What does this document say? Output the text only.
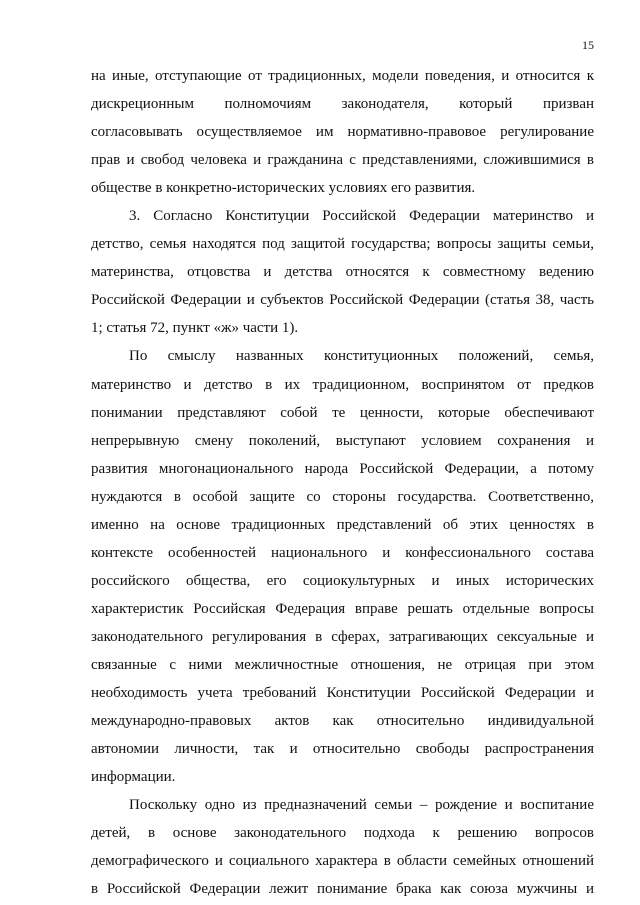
15
на иные, отступающие от традиционных, модели поведения, и относится к
дискреционным полномочиям законодателя, который призван
согласовывать осуществляемое им нормативно-правовое регулирование
прав и свобод человека и гражданина с представлениями, сложившимися в
обществе в конкретно-исторических условиях его развития.
3. Согласно Конституции Российской Федерации материнство и
детство, семья находятся под защитой государства; вопросы защиты семьи,
материнства, отцовства и детства относятся к совместному ведению
Российской Федерации и субъектов Российской Федерации (статья 38, часть
1; статья 72, пункт «ж» части 1).
По смыслу названных конституционных положений, семья,
материнство и детство в их традиционном, воспринятом от предков
понимании представляют собой те ценности, которые обеспечивают
непрерывную смену поколений, выступают условием сохранения и
развития многонационального народа Российской Федерации, а потому
нуждаются в особой защите со стороны государства. Соответственно,
именно на основе традиционных представлений об этих ценностях в
контексте особенностей национального и конфессионального состава
российского общества, его социокультурных и иных исторических
характеристик Российская Федерация вправе решать отдельные вопросы
законодательного регулирования в сферах, затрагивающих сексуальные и
связанные с ними межличностные отношения, не отрицая при этом
необходимость учета требований Конституции Российской Федерации и
международно-правовых актов как относительно индивидуальной
автономии личности, так и относительно свободы распространения
информации.
Поскольку одно из предназначений семьи – рождение и воспитание
детей, в основе законодательного подхода к решению вопросов
демографического и социального характера в области семейных отношений
в Российской Федерации лежит понимание брака как союза мужчины и
